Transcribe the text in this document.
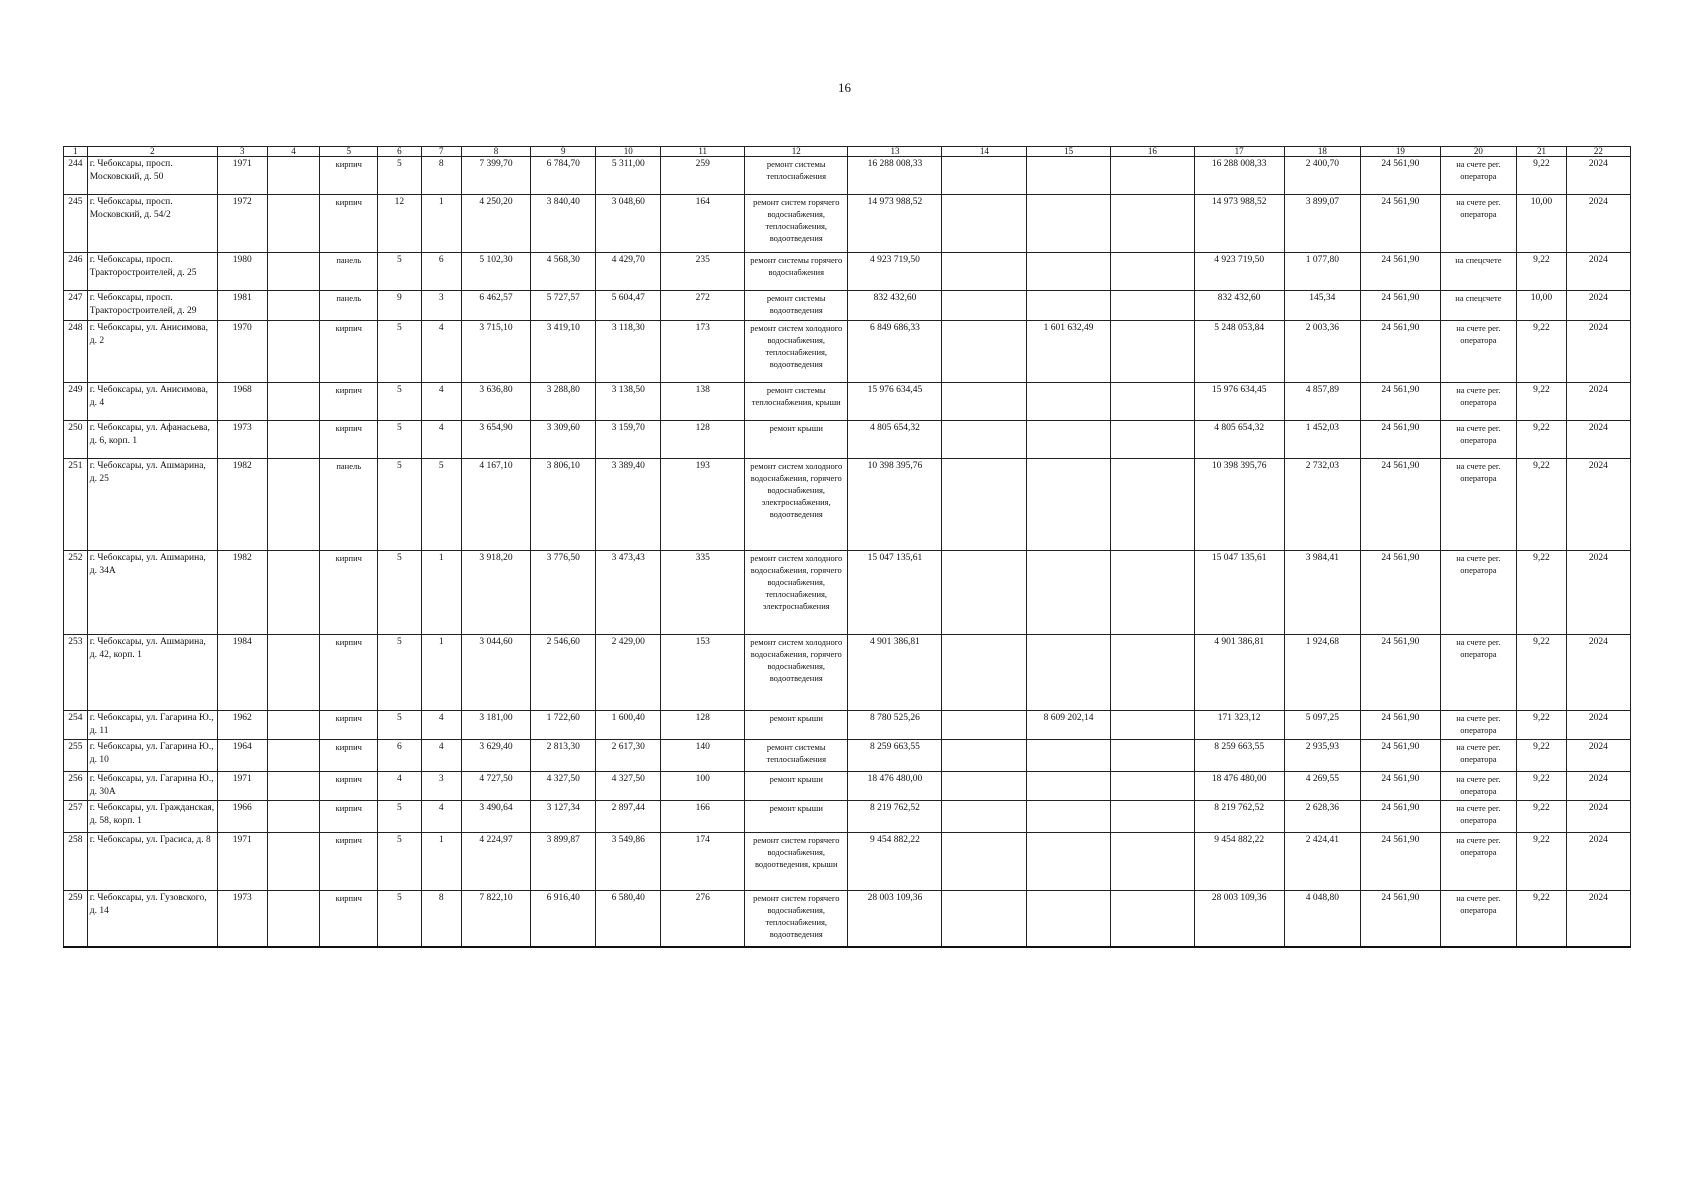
16
1	2	3	4	5	6	7	8	9	10	11	12	13	14	15	16	17	18	19	20	21	22
244	г. Чебоксары, просп. Московский, д. 50	1971		кирпич	5	8	7 399,70	6 784,70	5 311,00	259	ремонт системы теплоснабжения	16 288 008,33				16 288 008,33	2 400,70	24 561,90	на счете рег. оператора	9,22	2024
245	г. Чебоксары, просп. Московский, д. 54/2	1972		кирпич	12	1	4 250,20	3 840,40	3 048,60	164	ремонт систем горячего водоснабжения, теплоснабжения, водоотведения	14 973 988,52				14 973 988,52	3 899,07	24 561,90	на счете рег. оператора	10,00	2024
246	г. Чебоксары, просп. Тракторостроителей, д. 25	1980		панель	5	6	5 102,30	4 568,30	4 429,70	235	ремонт системы горячего водоснабжения	4 923 719,50				4 923 719,50	1 077,80	24 561,90	на спецсчете	9,22	2024
247	г. Чебоксары, просп. Тракторостроителей, д. 29	1981		панель	9	3	6 462,57	5 727,57	5 604,47	272	ремонт системы водоотведения	832 432,60				832 432,60	145,34	24 561,90	на спецсчете	10,00	2024
248	г. Чебоксары, ул. Анисимова, д. 2	1970		кирпич	5	4	3 715,10	3 419,10	3 118,30	173	ремонт систем холодного водоснабжения, теплоснабжения, водоотведения	6 849 686,33		1 601 632,49		5 248 053,84	2 003,36	24 561,90	на счете рег. оператора	9,22	2024
249	г. Чебоксары, ул. Анисимова, д. 4	1968		кирпич	5	4	3 636,80	3 288,80	3 138,50	138	ремонт системы теплоснабжения, крыши	15 976 634,45				15 976 634,45	4 857,89	24 561,90	на счете рег. оператора	9,22	2024
250	г. Чебоксары, ул. Афанасьева, д. 6, корп. 1	1973		кирпич	5	4	3 654,90	3 309,60	3 159,70	128	ремонт крыши	4 805 654,32				4 805 654,32	1 452,03	24 561,90	на счете рег. оператора	9,22	2024
251	г. Чебоксары, ул. Ашмарина, д. 25	1982		панель	5	5	4 167,10	3 806,10	3 389,40	193	ремонт систем холодного водоснабжения, горячего водоснабжения, электроснабжения, водоотведения	10 398 395,76				10 398 395,76	2 732,03	24 561,90	на счете рег. оператора	9,22	2024
252	г. Чебоксары, ул. Ашмарина, д. 34А	1982		кирпич	5	1	3 918,20	3 776,50	3 473,43	335	ремонт систем холодного водоснабжения, горячего водоснабжения, теплоснабжения, электроснабжения	15 047 135,61				15 047 135,61	3 984,41	24 561,90	на счете рег. оператора	9,22	2024
253	г. Чебоксары, ул. Ашмарина, д. 42, корп. 1	1984		кирпич	5	1	3 044,60	2 546,60	2 429,00	153	ремонт систем холодного водоснабжения, горячего водоснабжения, водоотведения	4 901 386,81				4 901 386,81	1 924,68	24 561,90	на счете рег. оператора	9,22	2024
254	г. Чебоксары, ул. Гагарина Ю., д. 11	1962		кирпич	5	4	3 181,00	1 722,60	1 600,40	128	ремонт крыши	8 780 525,26		8 609 202,14		171 323,12	5 097,25	24 561,90	на счете рег. оператора	9,22	2024
255	г. Чебоксары, ул. Гагарина Ю., д. 10	1964		кирпич	6	4	3 629,40	2 813,30	2 617,30	140	ремонт системы теплоснабжения	8 259 663,55				8 259 663,55	2 935,93	24 561,90	на счете рег. оператора	9,22	2024
256	г. Чебоксары, ул. Гагарина Ю., д. 30А	1971		кирпич	4	3	4 727,50	4 327,50	4 327,50	100	ремонт крыши	18 476 480,00				18 476 480,00	4 269,55	24 561,90	на счете рег. оператора	9,22	2024
257	г. Чебоксары, ул. Гражданская, д. 58, корп. 1	1966		кирпич	5	4	3 490,64	3 127,34	2 897,44	166	ремонт крыши	8 219 762,52				8 219 762,52	2 628,36	24 561,90	на счете рег. оператора	9,22	2024
258	г. Чебоксары, ул. Грасиса, д. 8	1971		кирпич	5	1	4 224,97	3 899,87	3 549,86	174	ремонт систем горячего водоснабжения, водоотведения, крыши	9 454 882,22				9 454 882,22	2 424,41	24 561,90	на счете рег. оператора	9,22	2024
259	г. Чебоксары, ул. Гузовского, д. 14	1973		кирпич	5	8	7 822,10	6 916,40	6 580,40	276	ремонт систем горячего водоснабжения, теплоснабжения, водоотведения	28 003 109,36				28 003 109,36	4 048,80	24 561,90	на счете рег. оператора	9,22	2024
